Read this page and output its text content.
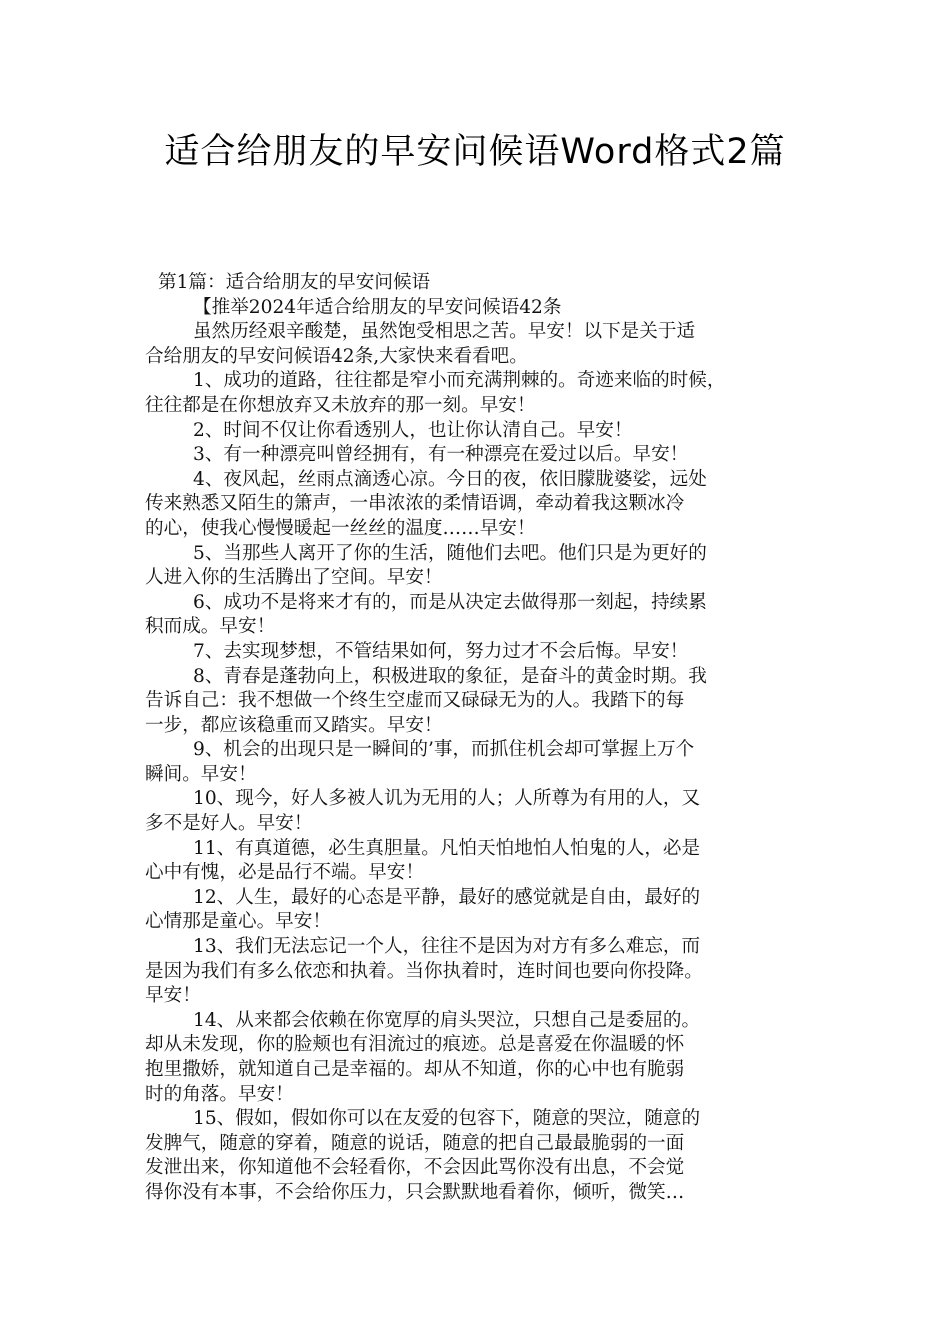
适合给朋友的早安问候语Word格式2篇

第1篇：适合给朋友的早安问候语

【推举2024年适合给朋友的早安问候语42条

虽然历经艰辛酸楚，虽然饱受相思之苦。早安！以下是关于适

合给朋友的早安问候语42条,大家快来看看吧。

1、成功的道路，往往都是窄小而充满荆棘的。奇迹来临的时候，

往往都是在你想放弃又未放弃的那一刻。早安！

2、时间不仅让你看透别人，也让你认清自己。早安！

3、有一种漂亮叫曾经拥有，有一种漂亮在爱过以后。早安！

4、夜风起，丝雨点滴透心凉。今日的夜，依旧朦胧婆娑，远处

传来熟悉又陌生的箫声，一串浓浓的柔情语调，牵动着我这颗冰冷

的心，使我心慢慢暖起一丝丝的温度……早安！

5、当那些人离开了你的生活，随他们去吧。他们只是为更好的

人进入你的生活腾出了空间。早安！

6、成功不是将来才有的，而是从决定去做得那一刻起，持续累

积而成。早安！

7、去实现梦想，不管结果如何，努力过才不会后悔。早安！

8、青春是蓬勃向上，积极进取的象征，是奋斗的黄金时期。我

告诉自己：我不想做一个终生空虚而又碌碌无为的人。我踏下的每

一步，都应该稳重而又踏实。早安！

9、机会的出现只是一瞬间的’事，而抓住机会却可掌握上万个

瞬间。早安！

10、现今，好人多被人讥为无用的人；人所尊为有用的人，又

多不是好人。早安！

11、有真道德，必生真胆量。凡怕天怕地怕人怕鬼的人，必是

心中有愧，必是品行不端。早安！

12、人生，最好的心态是平静，最好的感觉就是自由，最好的

心情那是童心。早安！

13、我们无法忘记一个人，往往不是因为对方有多么难忘，而

是因为我们有多么依恋和执着。当你执着时，连时间也要向你投降。

早安！

14、从来都会依赖在你宽厚的肩头哭泣，只想自己是委屈的。

却从未发现，你的脸颊也有泪流过的痕迹。总是喜爱在你温暖的怀

抱里撒娇，就知道自己是幸福的。却从不知道，你的心中也有脆弱

时的角落。早安！

15、假如，假如你可以在友爱的包容下，随意的哭泣，随意的

发脾气，随意的穿着，随意的说话，随意的把自己最最脆弱的一面

发泄出来，你知道他不会轻看你，不会因此骂你没有出息，不会觉

得你没有本事，不会给你压力，只会默默地看着你，倾听，微笑…
